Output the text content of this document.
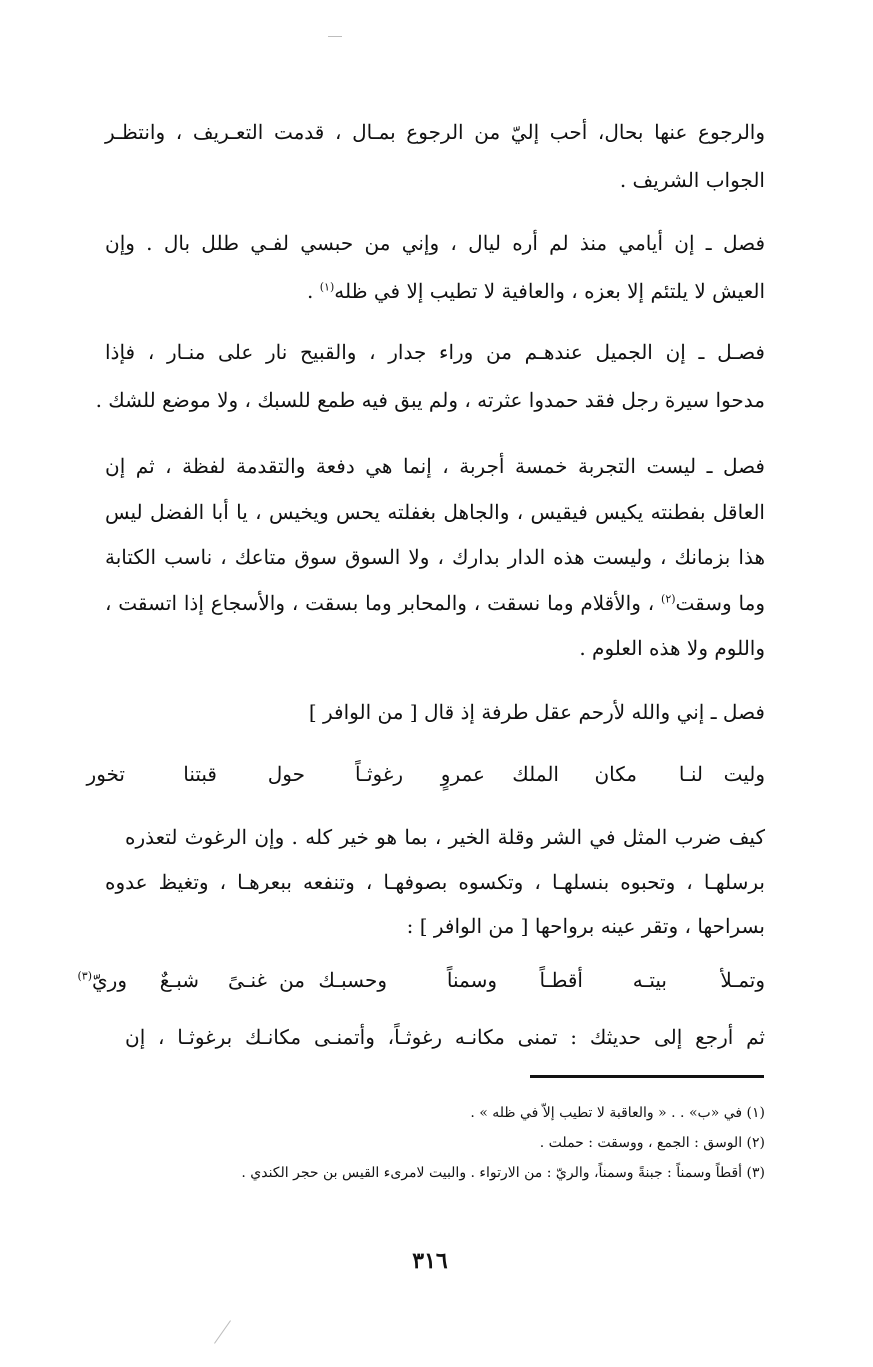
والرجوع عنها بحال، أحب إليّ من الرجوع بمـال ، قدمت التعـريف ، وانتظـر
الجواب الشريف .
فصل ـ إن أيامي منذ لم أره ليال ، وإني من حبسي لفـي طلل بال . وإن
العيش لا يلتئم إلا بعزه ، والعافية لا تطيب إلا في ظله$^{(١)}$ .
فصـل ـ إن الجميل عندهـم من وراء جدار ، والقبيح نار على منـار ، فإذا
مدحوا سيرة رجل فقد حمدوا عثرته ، ولم يبق فيه طمع للسبك ، ولا موضع للشك .
فصل ـ ليست التجربة خمسة أجربة ، إنما هي دفعة والتقدمة لفظة ، ثم إن
العاقل بفطنته يكيس فيقيس ، والجاهل بغفلته يحس ويخيس ، يا أبا الفضل ليس
هذا بزمانك ، وليست هذه الدار بدارك ، ولا السوق سوق متاعك ، ناسب الكتابة
وما وسقت$^{(٢)}$ ، والأقلام وما نسقت ، والمحابر وما بسقت ، والأسجاع إذا اتسقت ،
واللوم ولا هذه العلوم .
فصل ـ إني والله لأرحم عقل طرفة إذ قال [ من الوافر ]
وليت
لنـا
مكان
الملك
عمروٍ
رغوثـاً
حول
قبتنا
تخور
كيف ضرب المثل في الشر وقلة الخير ، بما هو خير كله . وإن الرغوث لتعذره
برسلهـا ، وتحبوه بنسلهـا ، وتكسوه بصوفهـا ، وتنفعه ببعرهـا ، وتغيظ عدوه
بسراحها ، وتقر عينه برواحها [ من الوافر ] :
وتمـلأ
بيتـه
أقطـاً
وسمناً
وحسبـك
من
غنـىً
شبـعٌ
وريّ$^{(٣)}$
ثم أرجع إلى حديثك : تمنى مكانـه رغوثـاً، وأتمنـى مكانـك برغوثـا ، إن
(١) في «ب» . . « والعاقبة لا تطيب إلاّ في ظله » .
(٢) الوسق : الجمع ، ووسقت : حملت .
(٣) أقطاً وسمناً : جبنةً وسمناً، والريّ : من الارتواء . والبيت لامرىء القيس بن حجر الكندي .
٣١٦
